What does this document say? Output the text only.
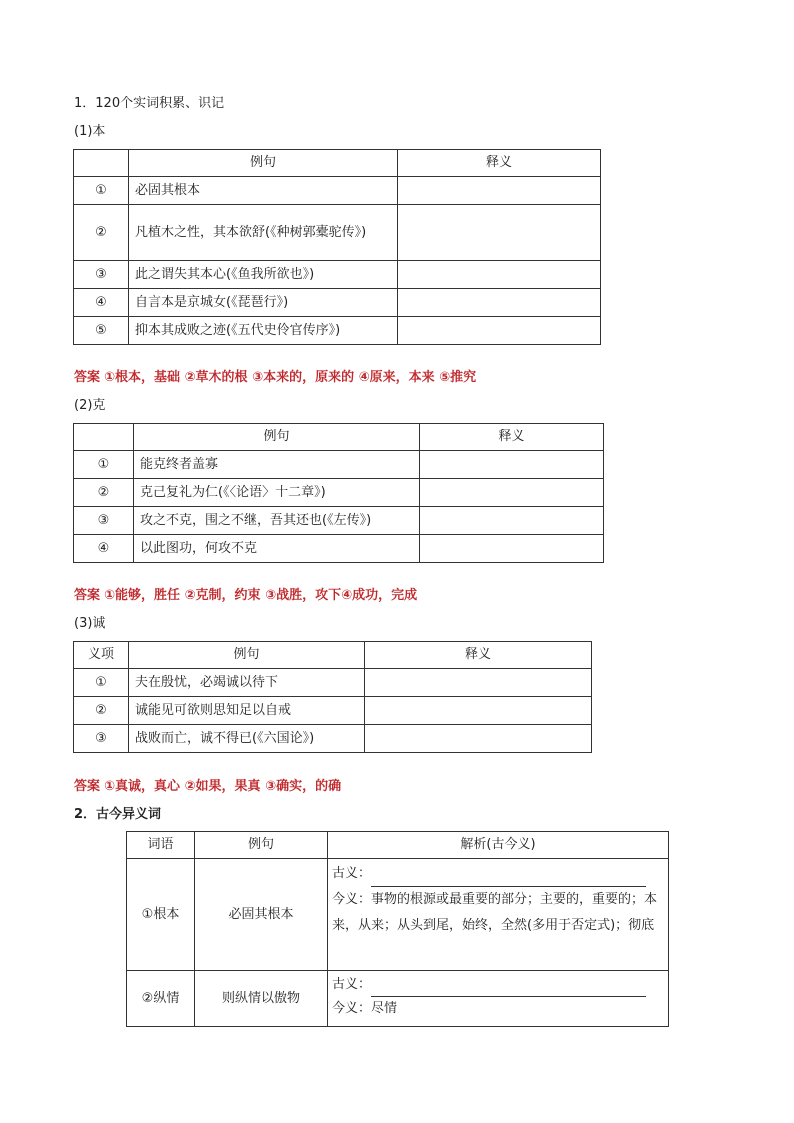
1．120个实词积累、识记
(1)本
	例句	释义
①	必固其根本	
②	凡植木之性，其本欲舒(《种树郭橐驼传》)	
③	此之谓失其本心(《鱼我所欲也》)	
④	自言本是京城女(《琵琶行》)	
⑤	抑本其成败之迹(《五代史伶官传序》)	
答案 ①根本，基础 ②草木的根 ③本来的，原来的 ④原来，本来 ⑤推究
(2)克
	例句	释义
①	能克终者盖寡	
②	克己复礼为仁(《〈论语〉十二章》)	
③	攻之不克，围之不继，吾其还也(《左传》)	
④	以此图功，何攻不克	
答案 ①能够，胜任 ②克制，约束 ③战胜，攻下④成功，完成
(3)诚
义项	例句	释义
①	夫在殷忧，必竭诚以待下	
②	诚能见可欲则思知足以自戒	
③	战败而亡，诚不得已(《六国论》)	
答案 ①真诚，真心 ②如果，果真 ③确实，的确
2．古今异义词
词语	例句	解析(古今义)
①根本	必固其根本	古义：
今义：事物的根源或最重要的部分；主要的，重要的；本来，从来；从头到尾，始终，全然(多用于否定式)；彻底

②纵情	则纵情以傲物	古义：
今义：尽情
